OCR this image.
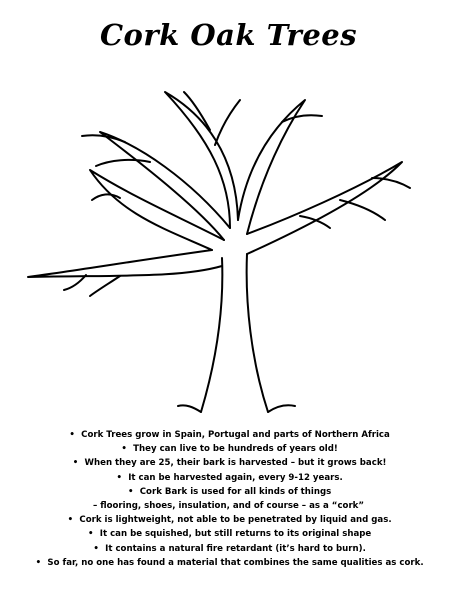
Cork Oak Trees
• Cork Trees grow in Spain, Portugal and parts of Northern Africa
• They can live to be hundreds of years old!
• When they are 25, their bark is harvested – but it grows back!
• It can be harvested again, every 9-12 years.
• Cork Bark is used for all kinds of things
– flooring, shoes, insulation, and of course – as a “cork”
• Cork is lightweight, not able to be penetrated by liquid and gas.
• It can be squished, but still returns to its original shape
• It contains a natural fire retardant (it’s hard to burn).
• So far, no one has found a material that combines the same qualities as cork.
